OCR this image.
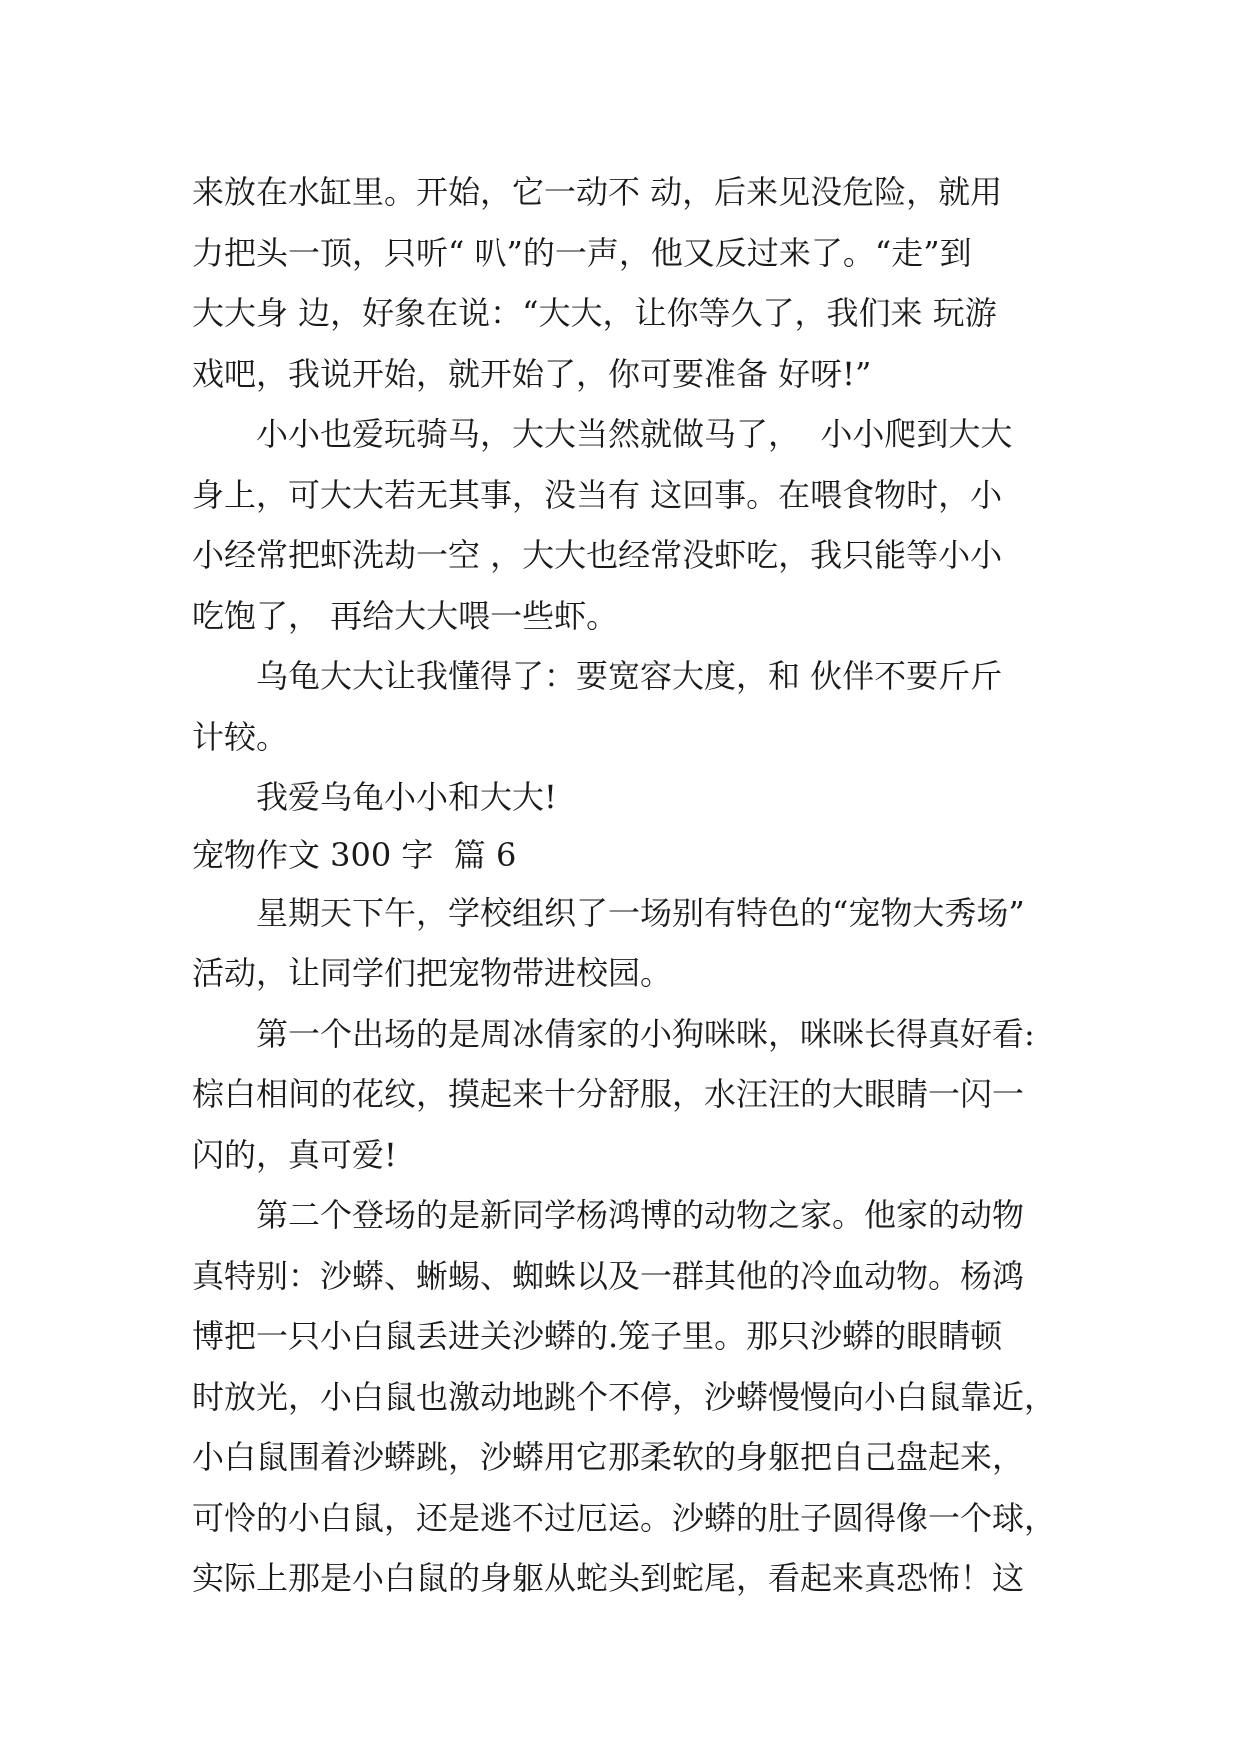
来放在水缸里。开始，它一动不 动，后来见没危险，就用
力把头一顶，只听“ 叭”的一声，他又反过来了。“走”到
大大身 边，好象在说：“大大，让你等久了，我们来 玩游
戏吧，我说开始，就开始了，你可要准备 好呀!”
　　小小也爱玩骑马，大大当然就做马了，  小小爬到大大
身上，可大大若无其事，没当有 这回事。在喂食物时，小
小经常把虾洗劫一空 ，大大也经常没虾吃，我只能等小小
吃饱了， 再给大大喂一些虾。
　　乌龟大大让我懂得了：要宽容大度，和 伙伴不要斤斤
计较。
　　我爱乌龟小小和大大!
宠物作文 300 字  篇 6
　　星期天下午，学校组织了一场别有特色的“宠物大秀场”
活动，让同学们把宠物带进校园。
　　第一个出场的是周冰倩家的小狗咪咪，咪咪长得真好看:
棕白相间的花纹，摸起来十分舒服，水汪汪的大眼睛一闪一
闪的，真可爱!
　　第二个登场的是新同学杨鸿博的动物之家。他家的动物
真特别：沙蟒、蜥蜴、蜘蛛以及一群其他的冷血动物。杨鸿
博把一只小白鼠丢进关沙蟒的.笼子里。那只沙蟒的眼睛顿
时放光，小白鼠也激动地跳个不停，沙蟒慢慢向小白鼠靠近，
小白鼠围着沙蟒跳，沙蟒用它那柔软的身躯把自己盘起来，
可怜的小白鼠，还是逃不过厄运。沙蟒的肚子圆得像一个球，
实际上那是小白鼠的身躯从蛇头到蛇尾，看起来真恐怖！这
